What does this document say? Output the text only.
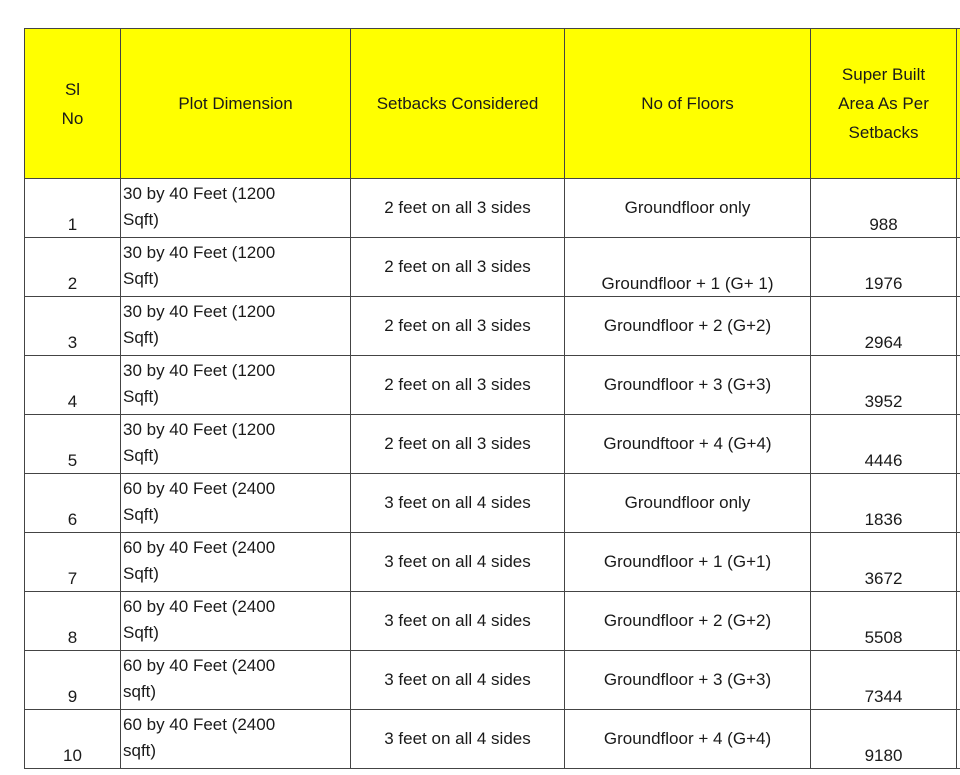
Sl
No	Plot Dimension	Setbacks Considered	No of Floors	Super Built
Area As Per
Setbacks	

1	30 by 40 Feet (1200
Sqft)	2 feet on all 3 sides	Groundfloor only	988	
2	30 by 40 Feet (1200
Sqft)	2 feet on all 3 sides	Groundfloor + 1 (G+ 1)	1976	
3	30 by 40 Feet (1200
Sqft)	2 feet on all 3 sides	Groundfloor + 2 (G+2)	2964	
4	30 by 40 Feet (1200
Sqft)	2 feet on all 3 sides	Groundfloor + 3 (G+3)	3952	
5	30 by 40 Feet (1200
Sqft)	2 feet on all 3 sides	Groundftoor + 4 (G+4)	4446	
6	60 by 40 Feet (2400
Sqft)	3 feet on all 4 sides	Groundfloor only	1836	
7	60 by 40 Feet (2400
Sqft)	3 feet on all 4 sides	Groundfloor + 1 (G+1)	3672	
8	60 by 40 Feet (2400
Sqft)	3 feet on all 4 sides	Groundfloor + 2 (G+2)	5508	
9	60 by 40 Feet (2400
sqft)	3 feet on all 4 sides	Groundfloor + 3 (G+3)	7344	
10	60 by 40 Feet (2400
sqft)	3 feet on all 4 sides	Groundfloor + 4 (G+4)	9180	
